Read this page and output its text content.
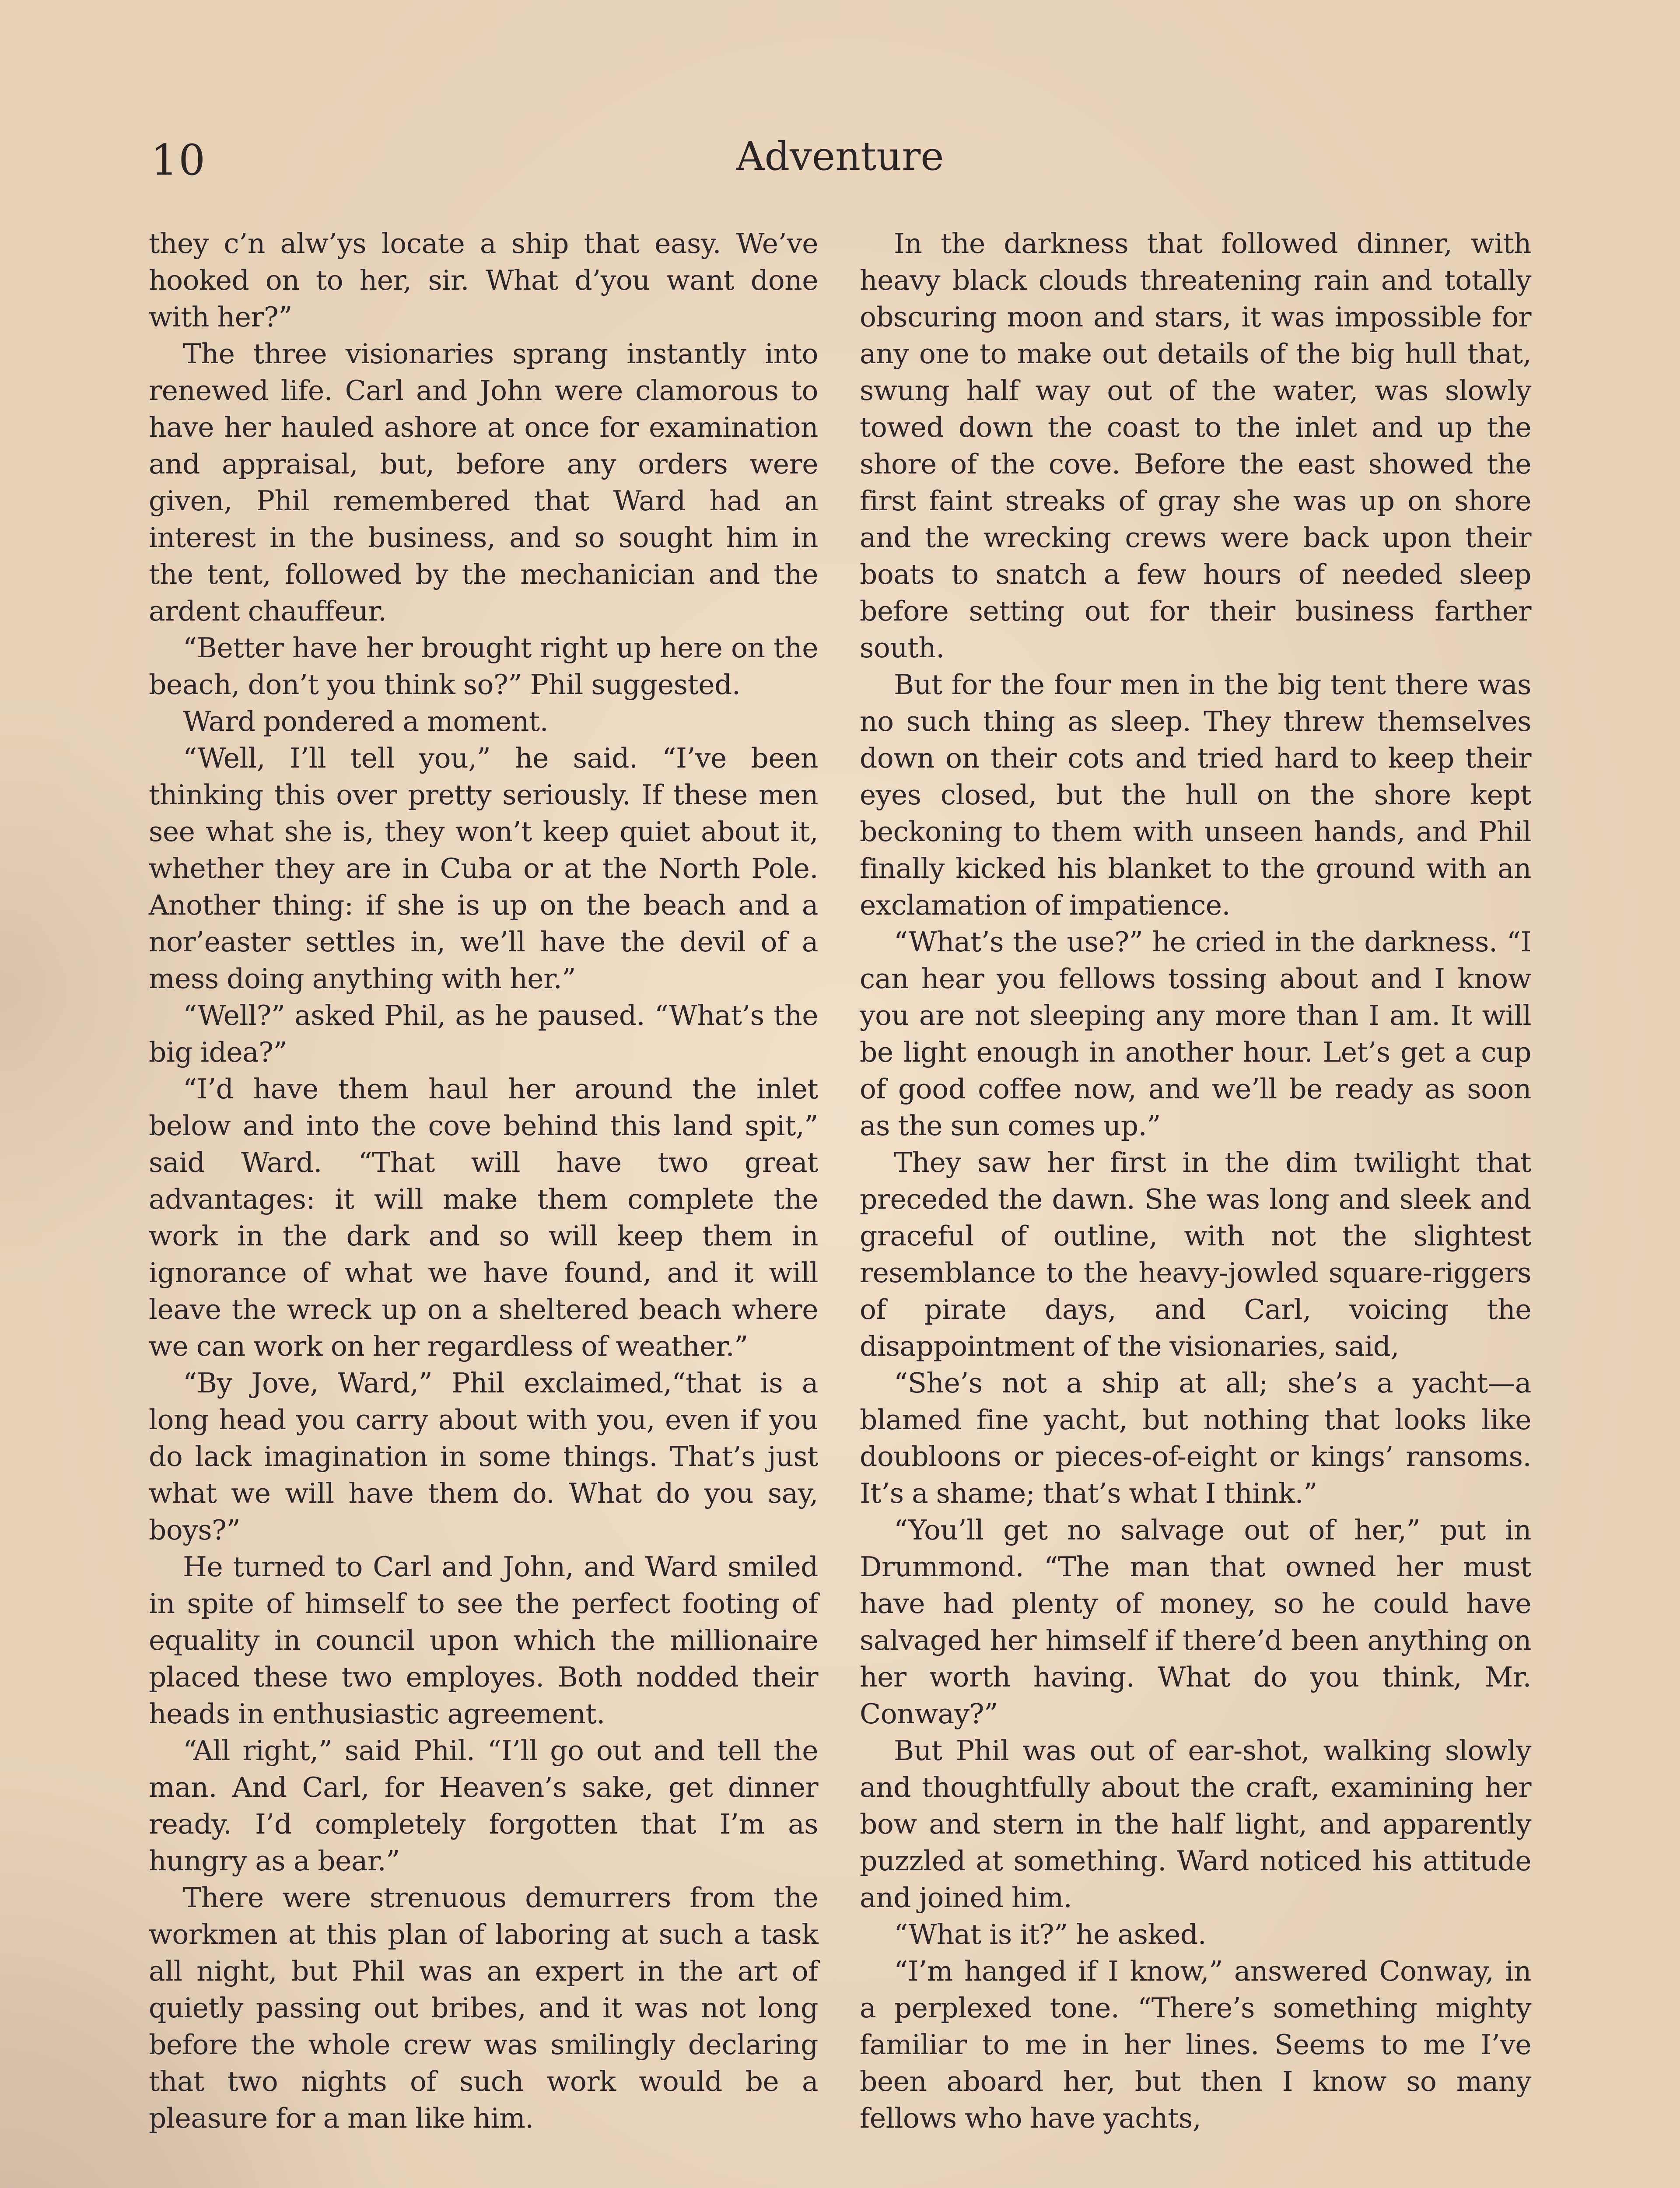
10	Adventure

they c’n alw’ys locate a ship that easy. We’ve hooked on to her, sir. What d’you want done with her?”

The three visionaries sprang instantly into renewed life. Carl and John were clamorous to have her hauled ashore at once for examination and appraisal, but, before any orders were given, Phil remembered that Ward had an interest in the business, and so sought him in the tent, followed by the mechanician and the ardent chauffeur.

“Better have her brought right up here on the beach, don’t you think so?” Phil suggested.

Ward pondered a moment.

“Well, I’ll tell you,” he said. “I’ve been thinking this over pretty seriously. If these men see what she is, they won’t keep quiet about it, whether they are in Cuba or at the North Pole. Another thing: if she is up on the beach and a nor’easter settles in, we’ll have the devil of a mess doing anything with her.”

“Well?” asked Phil, as he paused. “What’s the big idea?”

“I’d have them haul her around the inlet below and into the cove behind this land spit,” said Ward. “That will have two great advantages: it will make them complete the work in the dark and so will keep them in ignorance of what we have found, and it will leave the wreck up on a sheltered beach where we can work on her regardless of weather.”

“By Jove, Ward,” Phil exclaimed,“that is a long head you carry about with you, even if you do lack imagination in some things. That’s just what we will have them do. What do you say, boys?”

He turned to Carl and John, and Ward smiled in spite of himself to see the perfect footing of equality in council upon which the millionaire placed these two employes. Both nodded their heads in enthusiastic agreement.

“All right,” said Phil. “I’ll go out and tell the man. And Carl, for Heaven’s sake, get dinner ready. I’d completely forgotten that I’m as hungry as a bear.”

There were strenuous demurrers from the workmen at this plan of laboring at such a task all night, but Phil was an expert in the art of quietly passing out bribes, and it was not long before the whole crew was smilingly declaring that two nights of such work would be a pleasure for a man like him.

In the darkness that followed dinner, with heavy black clouds threatening rain and totally obscuring moon and stars, it was impossible for any one to make out details of the big hull that, swung half way out of the water, was slowly towed down the coast to the inlet and up the shore of the cove. Before the east showed the first faint streaks of gray she was up on shore and the wrecking crews were back upon their boats to snatch a few hours of needed sleep before setting out for their business farther south.

But for the four men in the big tent there was no such thing as sleep. They threw themselves down on their cots and tried hard to keep their eyes closed, but the hull on the shore kept beckoning to them with unseen hands, and Phil finally kicked his blanket to the ground with an exclamation of impatience.

“What’s the use?” he cried in the darkness. “I can hear you fellows tossing about and I know you are not sleeping any more than I am. It will be light enough in another hour. Let’s get a cup of good coffee now, and we’ll be ready as soon as the sun comes up.”

They saw her first in the dim twilight that preceded the dawn. She was long and sleek and graceful of outline, with not the slightest resemblance to the heavy-jowled square-riggers of pirate days, and Carl, voicing the disappointment of the visionaries, said,

“She’s not a ship at all; she’s a yacht—a blamed fine yacht, but nothing that looks like doubloons or pieces-of-eight or kings’ ransoms. It’s a shame; that’s what I think.”

“You’ll get no salvage out of her,” put in Drummond. “The man that owned her must have had plenty of money, so he could have salvaged her himself if there’d been anything on her worth having. What do you think, Mr. Conway?”

But Phil was out of ear-shot, walking slowly and thoughtfully about the craft, examining her bow and stern in the half light, and apparently puzzled at something. Ward noticed his attitude and joined him.

“What is it?” he asked.

“I’m hanged if I know,” answered Conway, in a perplexed tone. “There’s something mighty familiar to me in her lines. Seems to me I’ve been aboard her, but then I know so many fellows who have yachts,
